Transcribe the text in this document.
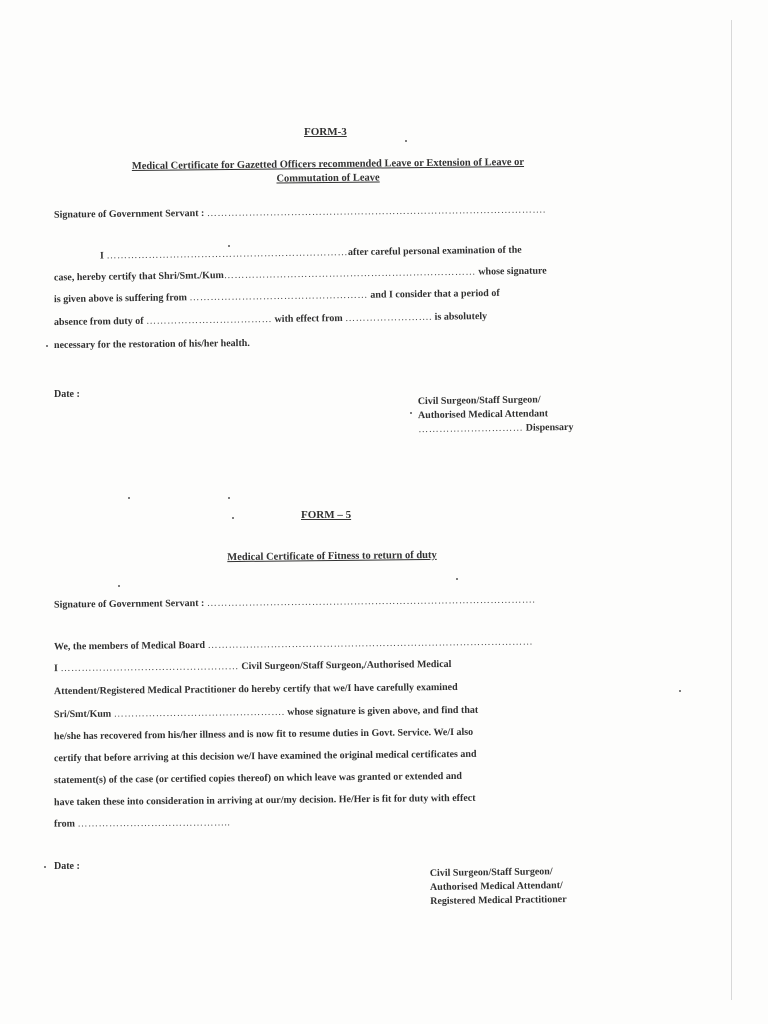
FORM-3
Medical Certificate for Gazetted Officers recommended Leave or Extension of Leave or
Commutation of Leave
Signature of Government Servant : …………………………………………………………………………………….
I ……………………………………………………………after careful personal examination of the
case, hereby certify that Shri/Smt./Kum……………………………………………………………… whose signature
is given above is suffering from …………………………………………… and I consider that a period of
absence from duty of ……………………………… with effect from ……………………. is absolutely
necessary for the restoration of his/her health.
Date :	Civil Surgeon/Staff Surgeon/
Authorised Medical Attendant
………………………… Dispensary
FORM – 5
Medical Certificate of Fitness to return of duty
Signature of Government Servant : ………………………………………………………………………………….
We, the members of Medical Board …………………………………………………………………………………
I …………………………………………… Civil Surgeon/Staff Surgeon,/Authorised Medical
Attendent/Registered Medical Practitioner do hereby certify that we/I have carefully examined
Sri/Smt/Kum …………………………………………. whose signature is given above, and find that
he/she has recovered from his/her illness and is now fit to resume duties in Govt. Service. We/I also
certify that before arriving at this decision we/I have examined the original medical certificates and
statement(s) of the case (or certified copies thereof) on which leave was granted or extended and
have taken these into consideration in arriving at our/my decision. He/Her is fit for duty with effect
from ……………………………………..
Date :	Civil Surgeon/Staff Surgeon/
Authorised Medical Attendant/
Registered Medical Practitioner
